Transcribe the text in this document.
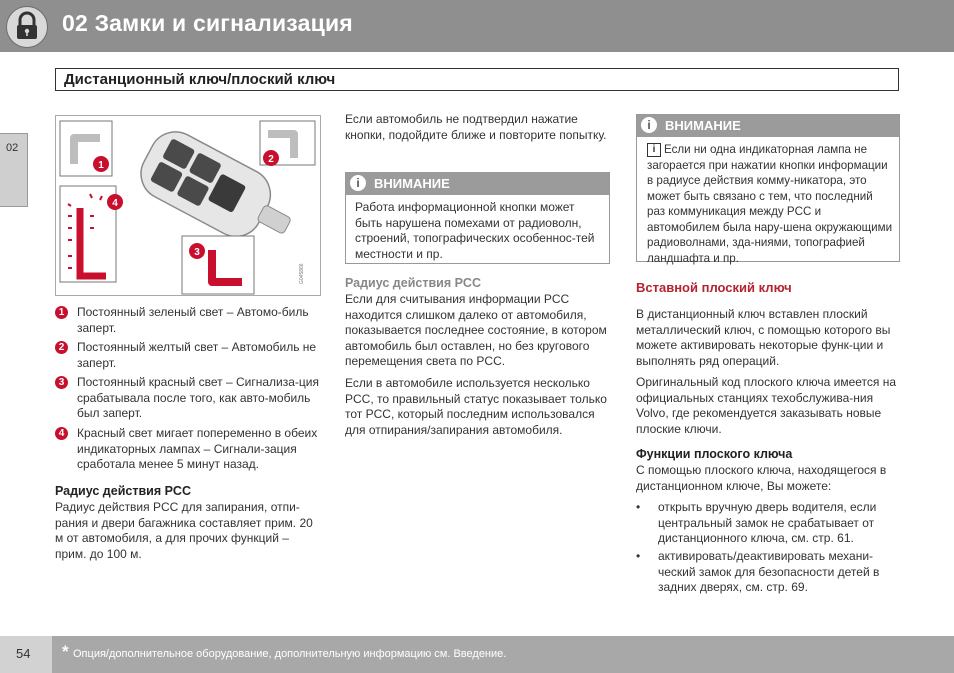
02 Замки и сигнализация
Дистанционный ключ/плоский ключ
02
1
2
4
3
G045866
1	Постоянный зеленый свет – Автомо-биль заперт.
2	Постоянный желтый свет – Автомобиль не заперт.
3	Постоянный красный свет – Сигнализа-ция срабатывала после того, как авто-мобиль был заперт.
4	Красный свет мигает попеременно в обеих индикаторных лампах – Сигнали-зация сработала менее 5 минут назад.
Радиус действия PCC
Радиус действия PCC для запирания, отпи-рания и двери багажника составляет прим. 20 м от автомобиля, а для прочих функций – прим. до 100 м.
Если автомобиль не подтвердил нажатие кнопки, подойдите ближе и повторите попытку.
i	ВНИМАНИЕ
Работа информационной кнопки может быть нарушена помехами от радиоволн, строений, топографических особеннос-тей местности и пр.
Радиус действия PCC
Если для считывания информации PCC находится слишком далеко от автомобиля, показывается последнее состояние, в котором автомобиль был оставлен, но без кругового перемещения света по PCC.
Если в автомобиле используется несколько PCC, то правильный статус показывает только тот PCC, который последним использовался для отпирания/запирания автомобиля.
i	ВНИМАНИЕ
i Если ни одна индикаторная лампа не загорается при нажатии кнопки информации в радиусе действия комму-никатора, это может быть связано с тем, что последний раз коммуникация между PCC и автомобилем была нару-шена окружающими радиоволнами, зда-ниями, топографией ландшафта и пр.
Вставной плоский ключ
В дистанционный ключ вставлен плоский металлический ключ, с помощью которого вы можете активировать некоторые функ-ции и выполнять ряд операций.
Оригинальный код плоского ключа имеется на официальных станциях техобслужива-ния Volvo, где рекомендуется заказывать новые плоские ключи.
Функции плоского ключа
С помощью плоского ключа, находящегося в дистанционном ключе, Вы можете:
• открыть вручную дверь водителя, если центральный замок не срабатывает от дистанционного ключа, см. стр. 61.
• активировать/деактивировать механи-ческий замок для безопасности детей в задних дверях, см. стр. 69.
54 * Опция/дополнительное оборудование, дополнительную информацию см. Введение.
